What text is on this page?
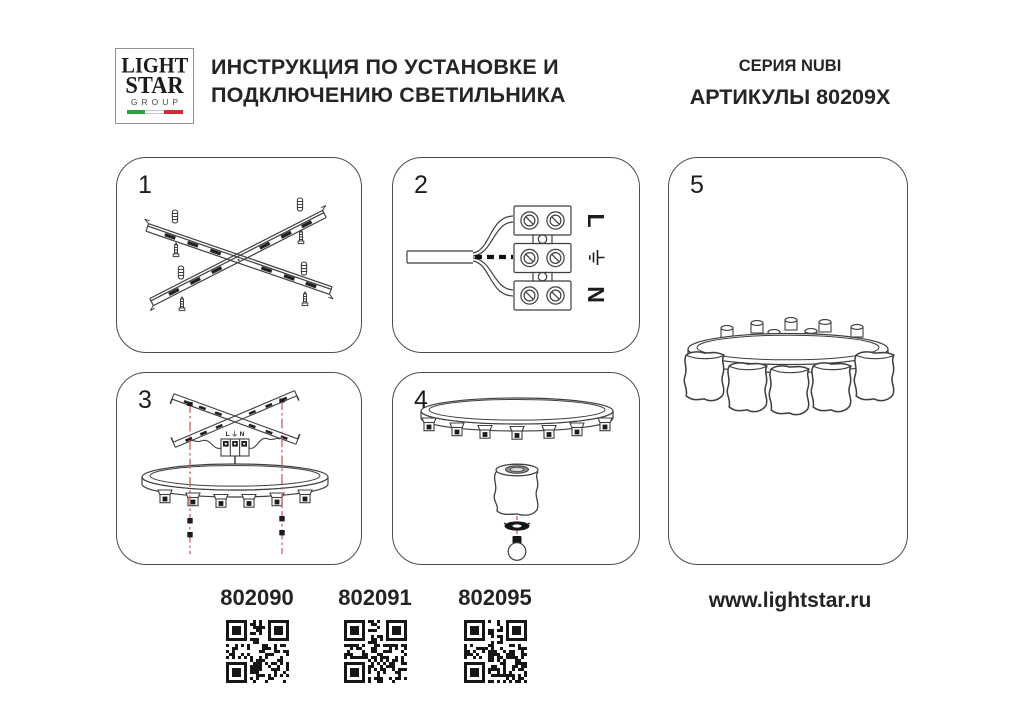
LIGHT
STAR
GROUP
ИНСТРУКЦИЯ ПО УСТАНОВКЕ И
ПОДКЛЮЧЕНИЮ СВЕТИЛЬНИКА
СЕРИЯ NUBI
АРТИКУЛЫ 80209X
1	2
L
N
3
L ⏚ N
4
5
802090	802091	802095	www.lightstar.ru
